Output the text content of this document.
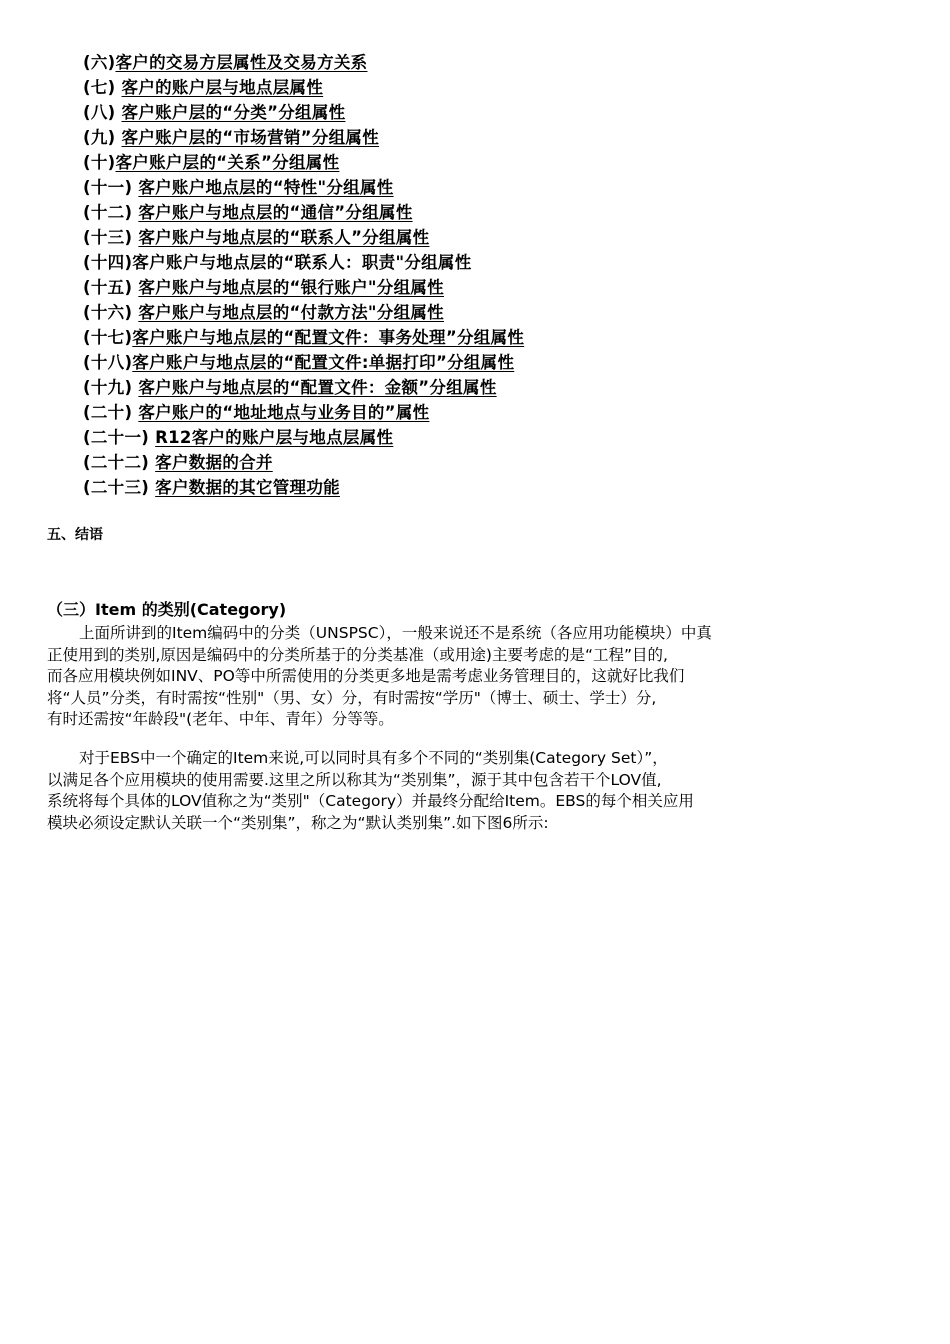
(六)客户的交易方层属性及交易方关系
(七) 客户的账户层与地点层属性
(八) 客户账户层的“分类”分组属性
(九) 客户账户层的“市场营销”分组属性
(十)客户账户层的“关系”分组属性
(十一) 客户账户地点层的“特性"分组属性
(十二) 客户账户与地点层的“通信”分组属性
(十三) 客户账户与地点层的“联系人”分组属性
(十四)客户账户与地点层的“联系人：职责"分组属性
(十五) 客户账户与地点层的“银行账户"分组属性
(十六) 客户账户与地点层的“付款方法"分组属性
(十七)客户账户与地点层的“配置文件：事务处理”分组属性
(十八)客户账户与地点层的“配置文件:单据打印”分组属性
(十九) 客户账户与地点层的“配置文件：金额”分组属性
(二十) 客户账户的“地址地点与业务目的”属性
(二十一) R12客户的账户层与地点层属性
(二十二) 客户数据的合并
(二十三) 客户数据的其它管理功能
五、结语
（三）Item 的类别(Category)
上面所讲到的Item编码中的分类（UNSPSC），一般来说还不是系统（各应用功能模块）中真
正使用到的类别,原因是编码中的分类所基于的分类基准（或用途)主要考虑的是“工程”目的,
而各应用模块例如INV、PO等中所需使用的分类更多地是需考虑业务管理目的，这就好比我们
将“人员”分类，有时需按“性别"（男、女）分，有时需按“学历"（博士、硕士、学士）分,
有时还需按“年龄段"(老年、中年、青年）分等等。
对于EBS中一个确定的Item来说,可以同时具有多个不同的“类别集(Category Set）”，
以满足各个应用模块的使用需要.这里之所以称其为“类别集”，源于其中包含若干个LOV值,
系统将每个具体的LOV值称之为“类别"（Category）并最终分配给Item。EBS的每个相关应用
模块必须设定默认关联一个“类别集”，称之为“默认类别集”.如下图6所示:
